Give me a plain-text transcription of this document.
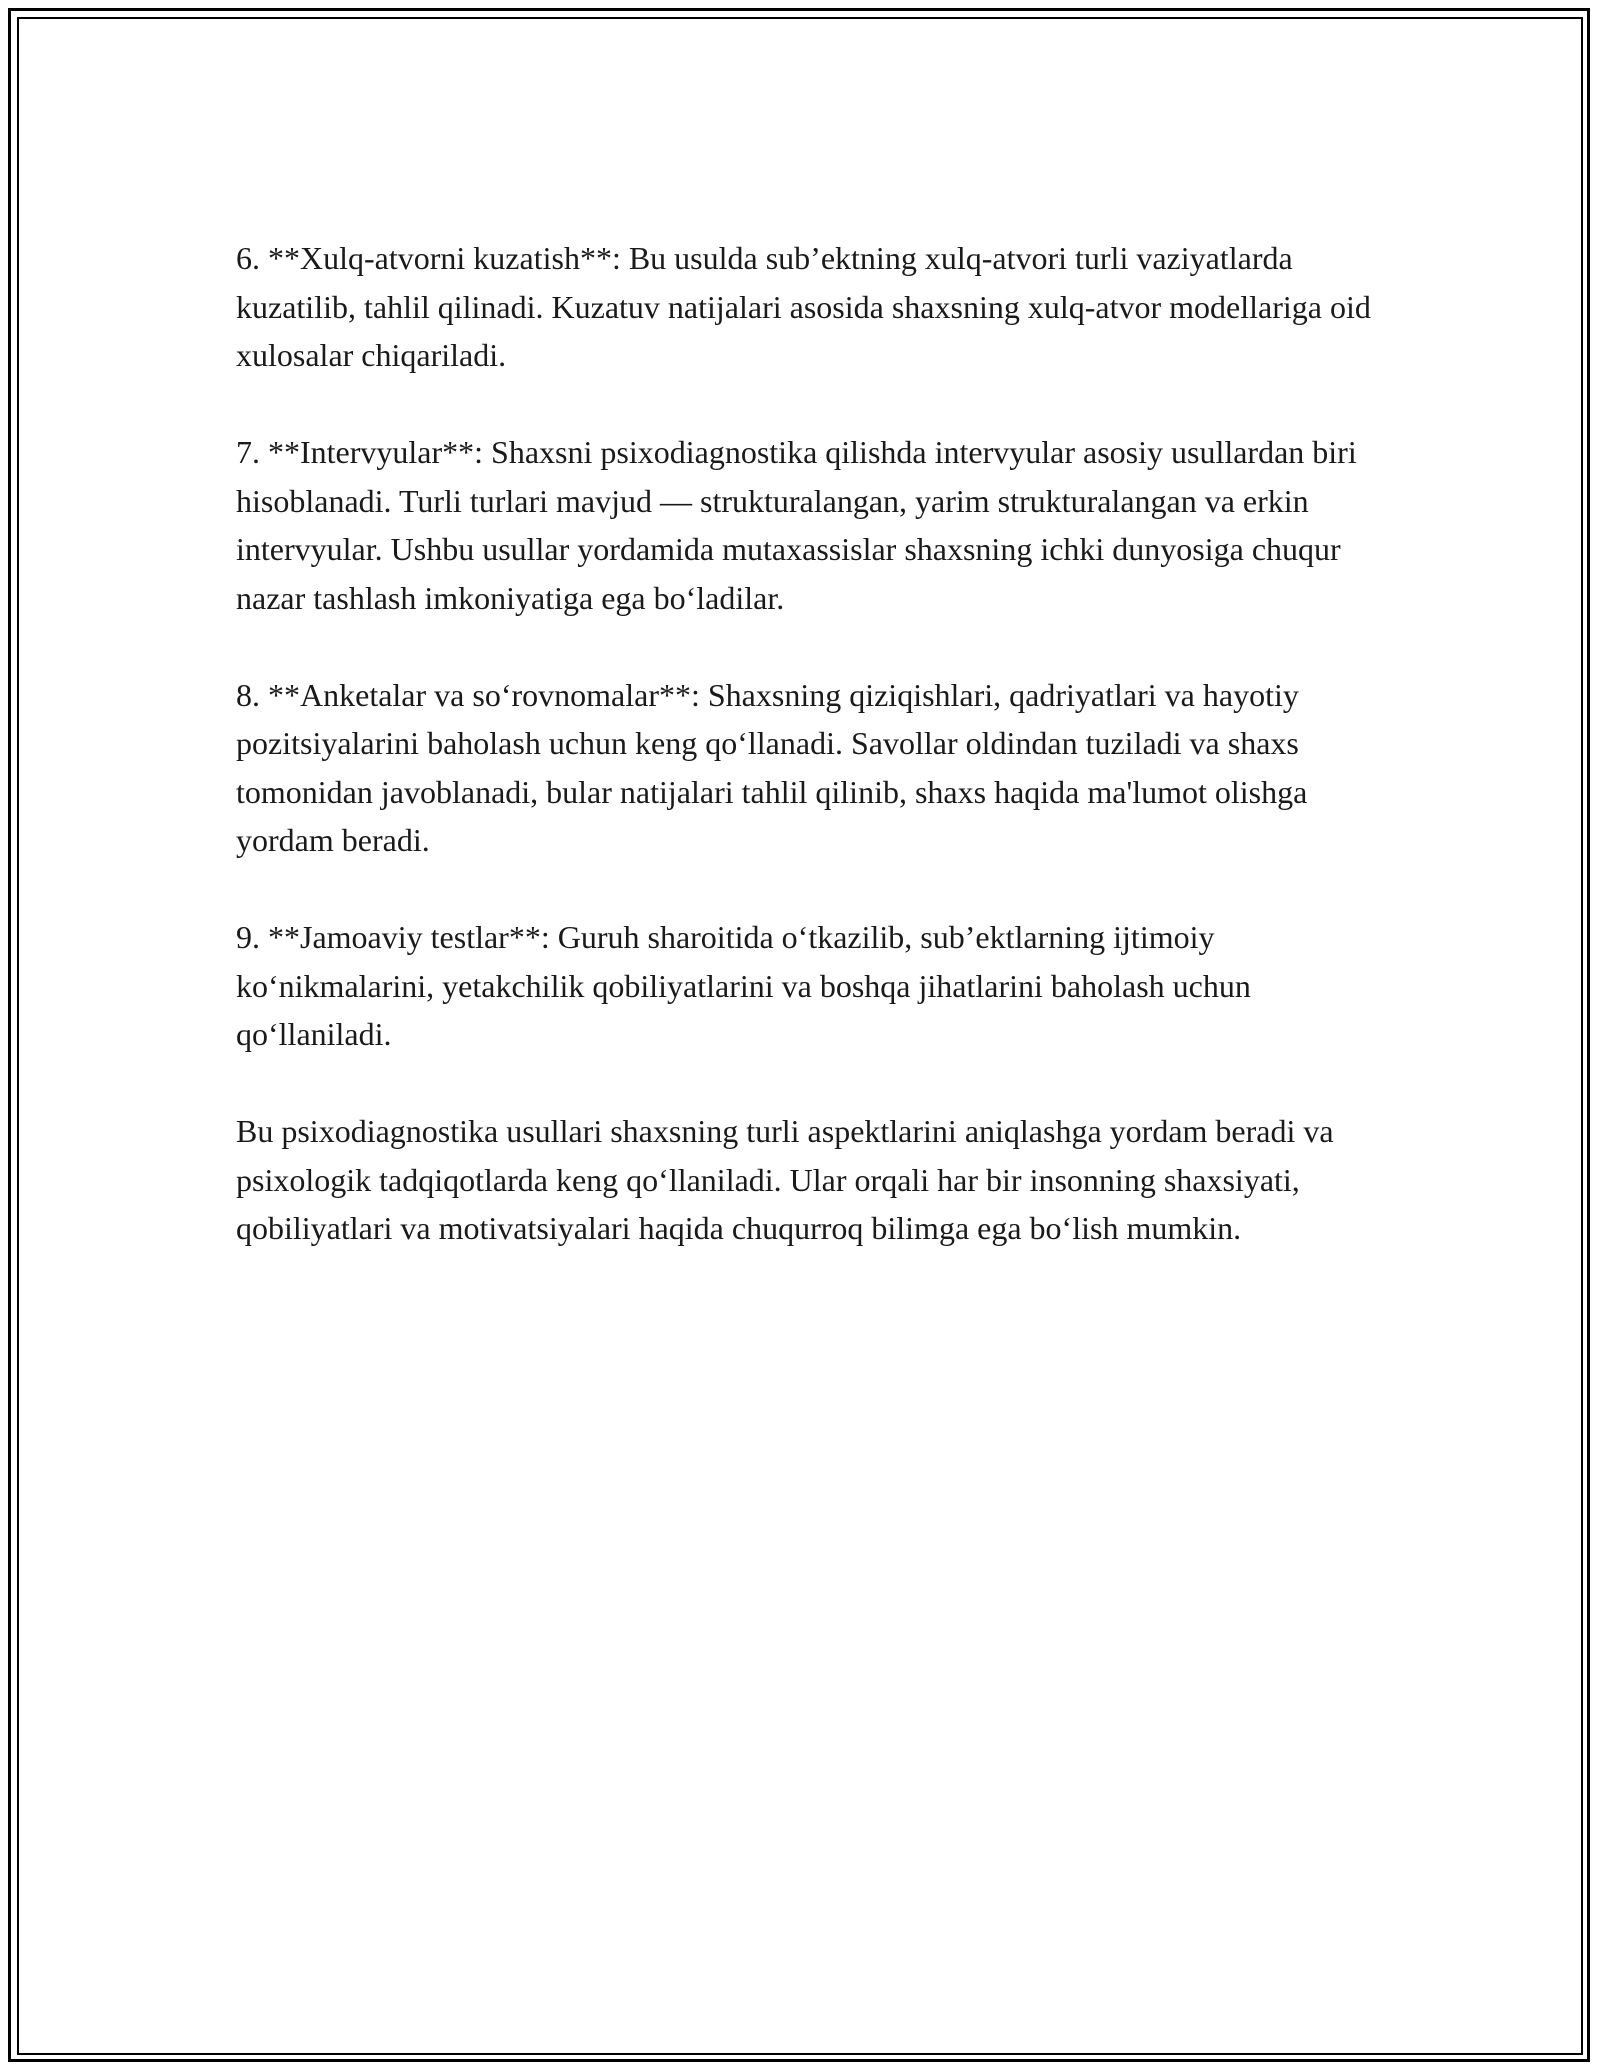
6. **Xulq-atvorni kuzatish**: Bu usulda sub’ektning xulq-atvori turli vaziyatlarda kuzatilib, tahlil qilinadi. Kuzatuv natijalari asosida shaxsning xulq-atvor modellariga oid xulosalar chiqariladi.

7. **Intervyular**: Shaxsni psixodiagnostika qilishda intervyular asosiy usullardan biri hisoblanadi. Turli turlari mavjud — strukturalangan, yarim strukturalangan va erkin intervyular. Ushbu usullar yordamida mutaxassislar shaxsning ichki dunyosiga chuqur nazar tashlash imkoniyatiga ega bo‘ladilar.

8. **Anketalar va so‘rovnomalar**: Shaxsning qiziqishlari, qadriyatlari va hayotiy pozitsiyalarini baholash uchun keng qo‘llanadi. Savollar oldindan tuziladi va shaxs tomonidan javoblanadi, bular natijalari tahlil qilinib, shaxs haqida ma'lumot olishga yordam beradi.

9. **Jamoaviy testlar**: Guruh sharoitida o‘tkazilib, sub’ektlarning ijtimoiy ko‘nikmalarini, yetakchilik qobiliyatlarini va boshqa jihatlarini baholash uchun qo‘llaniladi.

Bu psixodiagnostika usullari shaxsning turli aspektlarini aniqlashga yordam beradi va psixologik tadqiqotlarda keng qo‘llaniladi. Ular orqali har bir insonning shaxsiyati, qobiliyatlari va motivatsiyalari haqida chuqurroq bilimga ega bo‘lish mumkin.
